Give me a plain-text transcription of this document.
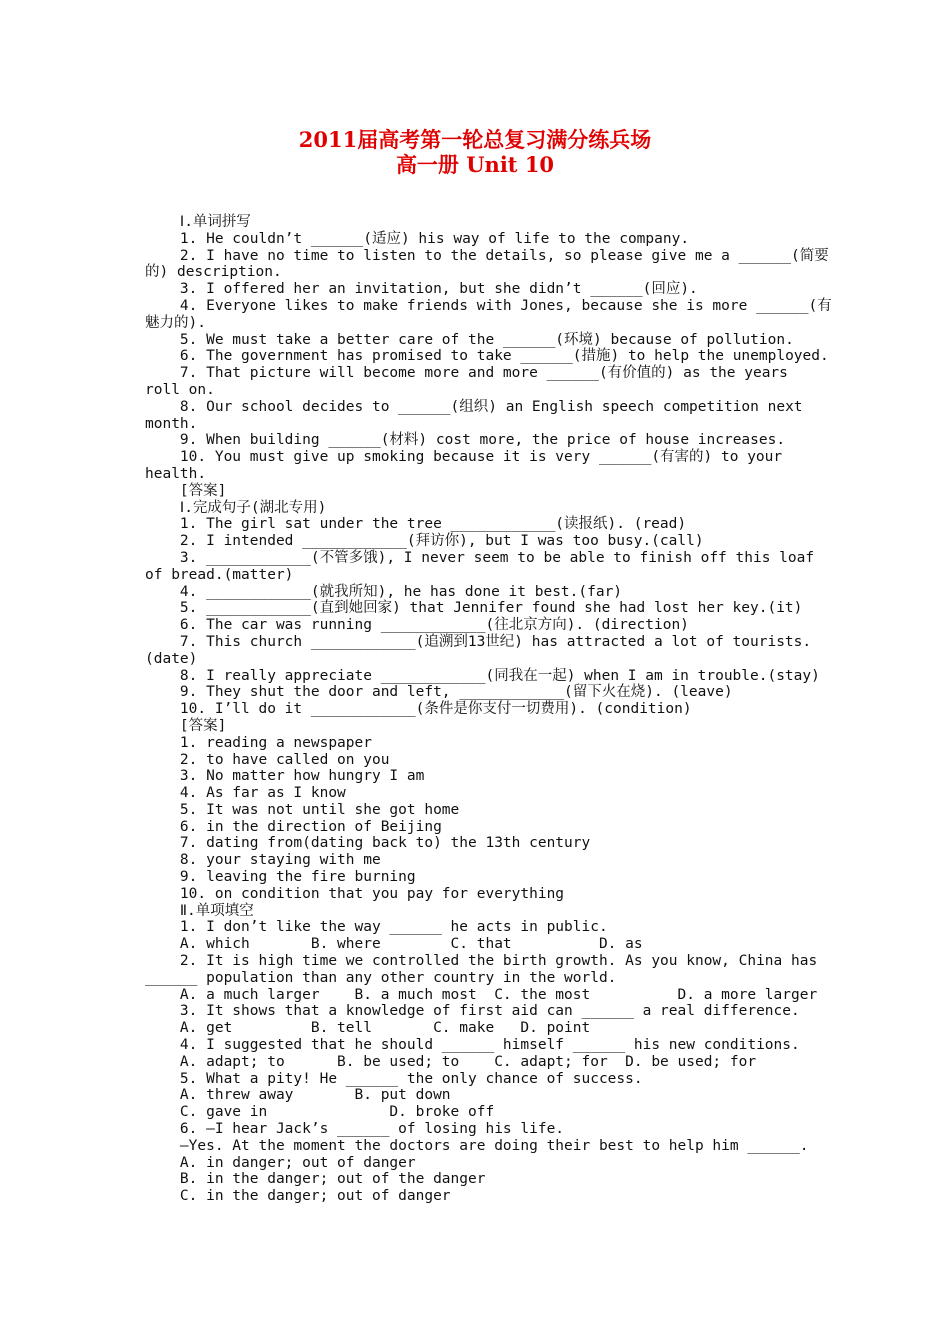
2011届高考第一轮总复习满分练兵场
高一册 Unit 10
Ⅰ.单词拼写
1. He couldn’t ______(适应) his way of life to the company.
2. I have no time to listen to the details, so please give me a ______(简要
的) description.
3. I offered her an invitation, but she didn’t ______(回应).
4. Everyone likes to make friends with Jones, because she is more ______(有
魅力的).
5. We must take a better care of the ______(环境) because of pollution.
6. The government has promised to take ______(措施) to help the unemployed.
7. That picture will become more and more ______(有价值的) as the years
roll on.
8. Our school decides to ______(组织) an English speech competition next
month.
9. When building ______(材料) cost more, the price of house increases.
10. You must give up smoking because it is very ______(有害的) to your
health.
[答案]
Ⅰ.完成句子(湖北专用)
1. The girl sat under the tree ____________(读报纸). (read)
2. I intended ____________(拜访你), but I was too busy.(call)
3. ____________(不管多饿), I never seem to be able to finish off this loaf
of bread.(matter)
4. ____________(就我所知), he has done it best.(far)
5. ____________(直到她回家) that Jennifer found she had lost her key.(it)
6. The car was running ____________(往北京方向). (direction)
7. This church ____________(追溯到13世纪) has attracted a lot of tourists.
(date)
8. I really appreciate ____________(同我在一起) when I am in trouble.(stay)
9. They shut the door and left, ____________(留下火在烧). (leave)
10. I’ll do it ____________(条件是你支付一切费用). (condition)
[答案]
1. reading a newspaper
2. to have called on you
3. No matter how hungry I am
4. As far as I know
5. It was not until she got home
6. in the direction of Beijing
7. dating from(dating back to) the 13th century
8. your staying with me
9. leaving the fire burning
10. on condition that you pay for everything
Ⅱ.单项填空
1. I don’t like the way ______ he acts in public.
A. which       B. where        C. that          D. as
2. It is high time we controlled the birth growth. As you know, China has
______ population than any other country in the world.
A. a much larger    B. a much most  C. the most          D. a more larger
3. It shows that a knowledge of first aid can ______ a real difference.
A. get         B. tell       C. make   D. point
4. I suggested that he should ______ himself ______ his new conditions.
A. adapt; to      B. be used; to    C. adapt; for  D. be used; for
5. What a pity! He ______ the only chance of success.
A. threw away       B. put down
C. gave in              D. broke off
6. —I hear Jack’s ______ of losing his life.
—Yes. At the moment the doctors are doing their best to help him ______.
A. in danger; out of danger
B. in the danger; out of the danger
C. in the danger; out of danger
